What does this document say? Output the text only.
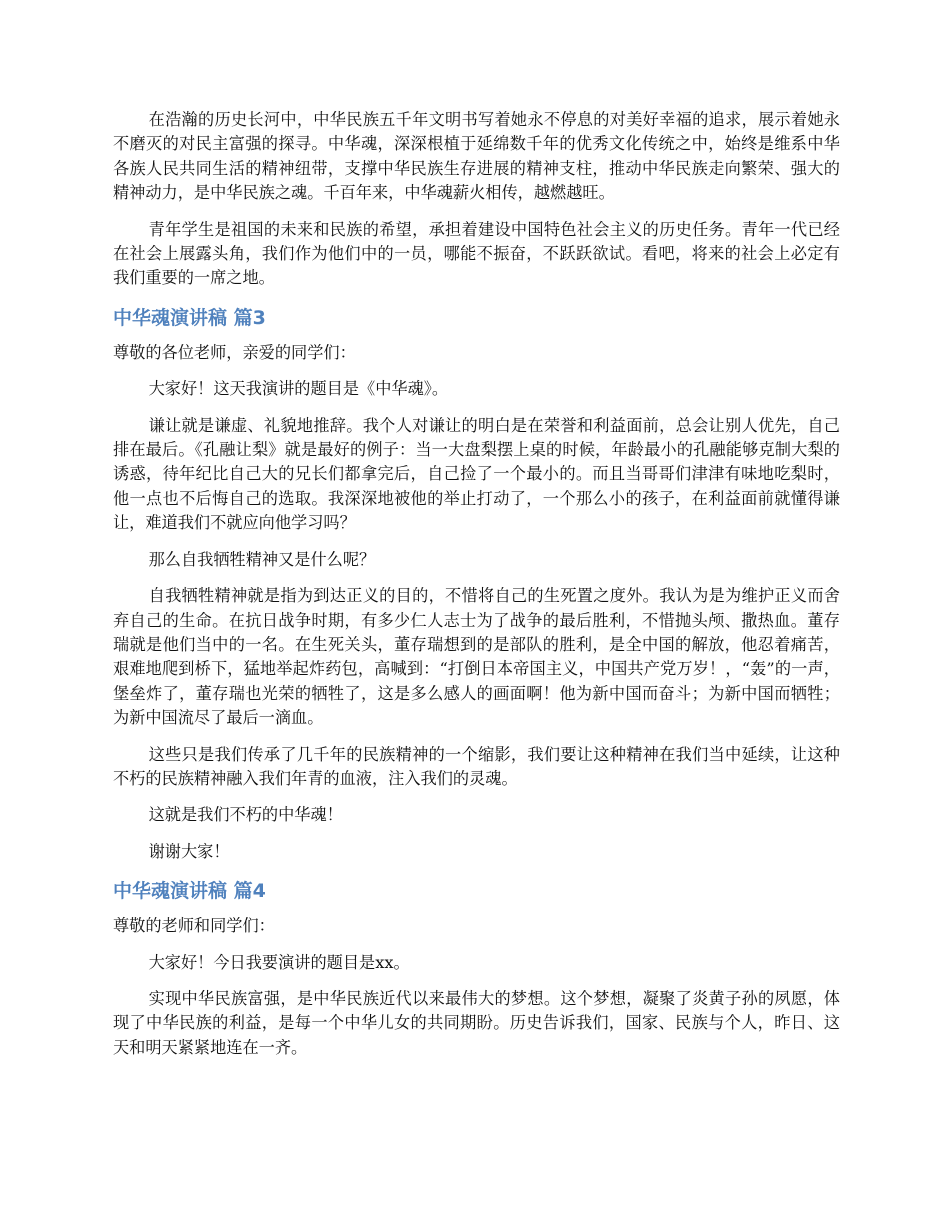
在浩瀚的历史长河中，中华民族五千年文明书写着她永不停息的对美好幸福的追求，展示着她永不磨灭的对民主富强的探寻。中华魂，深深根植于延绵数千年的优秀文化传统之中，始终是维系中华各族人民共同生活的精神纽带，支撑中华民族生存进展的精神支柱，推动中华民族走向繁荣、强大的精神动力，是中华民族之魂。千百年来，中华魂薪火相传，越燃越旺。

青年学生是祖国的未来和民族的希望，承担着建设中国特色社会主义的历史任务。青年一代已经在社会上展露头角，我们作为他们中的一员，哪能不振奋，不跃跃欲试。看吧，将来的社会上必定有我们重要的一席之地。

中华魂演讲稿 篇3

尊敬的各位老师，亲爱的同学们：

大家好！这天我演讲的题目是《中华魂》。

谦让就是谦虚、礼貌地推辞。我个人对谦让的明白是在荣誉和利益面前，总会让别人优先，自己排在最后。《孔融让梨》就是最好的例子：当一大盘梨摆上桌的时候，年龄最小的孔融能够克制大梨的诱惑，待年纪比自己大的兄长们都拿完后，自己捡了一个最小的。而且当哥哥们津津有味地吃梨时，他一点也不后悔自己的选取。我深深地被他的举止打动了，一个那么小的孩子，在利益面前就懂得谦让，难道我们不就应向他学习吗？

那么自我牺牲精神又是什么呢？

自我牺牲精神就是指为到达正义的目的，不惜将自己的生死置之度外。我认为是为维护正义而舍弃自己的生命。在抗日战争时期，有多少仁人志士为了战争的最后胜利，不惜抛头颅、撒热血。董存瑞就是他们当中的一名。在生死关头，董存瑞想到的是部队的胜利，是全中国的解放，他忍着痛苦，艰难地爬到桥下，猛地举起炸药包，高喊到：“打倒日本帝国主义，中国共产党万岁！，“轰”的一声，堡垒炸了，董存瑞也光荣的牺牲了，这是多么感人的画面啊！他为新中国而奋斗；为新中国而牺牲；为新中国流尽了最后一滴血。

这些只是我们传承了几千年的民族精神的一个缩影，我们要让这种精神在我们当中延续，让这种不朽的民族精神融入我们年青的血液，注入我们的灵魂。

这就是我们不朽的中华魂！

谢谢大家！

中华魂演讲稿 篇4

尊敬的老师和同学们：

大家好！今日我要演讲的题目是xx。

实现中华民族富强，是中华民族近代以来最伟大的梦想。这个梦想，凝聚了炎黄子孙的夙愿，体现了中华民族的利益，是每一个中华儿女的共同期盼。历史告诉我们，国家、民族与个人，昨日、这天和明天紧紧地连在一齐。
